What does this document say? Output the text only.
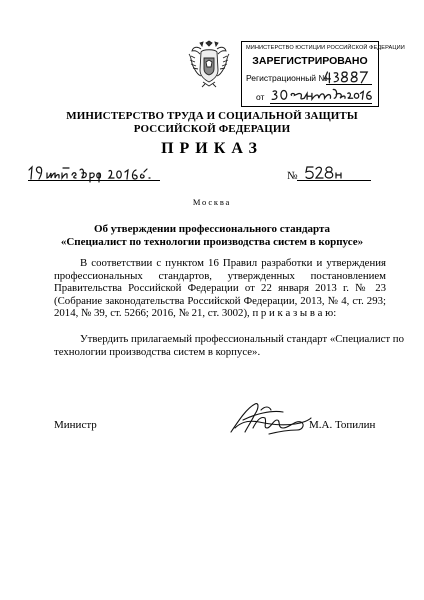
МИНИСТЕРСТВО ЮСТИЦИИ РОССИЙСКОЙ ФЕДЕРАЦИИ
ЗАРЕГИСТРИРОВАНО
Регистрационный №
от
МИНИСТЕРСТВО ТРУДА И СОЦИАЛЬНОЙ ЗАЩИТЫ
РОССИЙСКОЙ ФЕДЕРАЦИИ
ПРИКАЗ
№
Москва
Об утверждении профессионального стандарта
«Специалист по технологии производства систем в корпусе»
В соответствии с пунктом 16 Правил разработки и утверждения
профессиональных стандартов, утвержденных постановлением
Правительства Российской Федерации от 22 января 2013 г. № 23
(Собрание законодательства Российской Федерации, 2013, № 4, ст. 293;
2014, № 39, ст. 5266; 2016, № 21, ст. 3002), п р и к а з ы в а ю:
Утвердить прилагаемый профессиональный стандарт «Специалист по
технологии производства систем в корпусе».
Министр	М.А. Топилин
